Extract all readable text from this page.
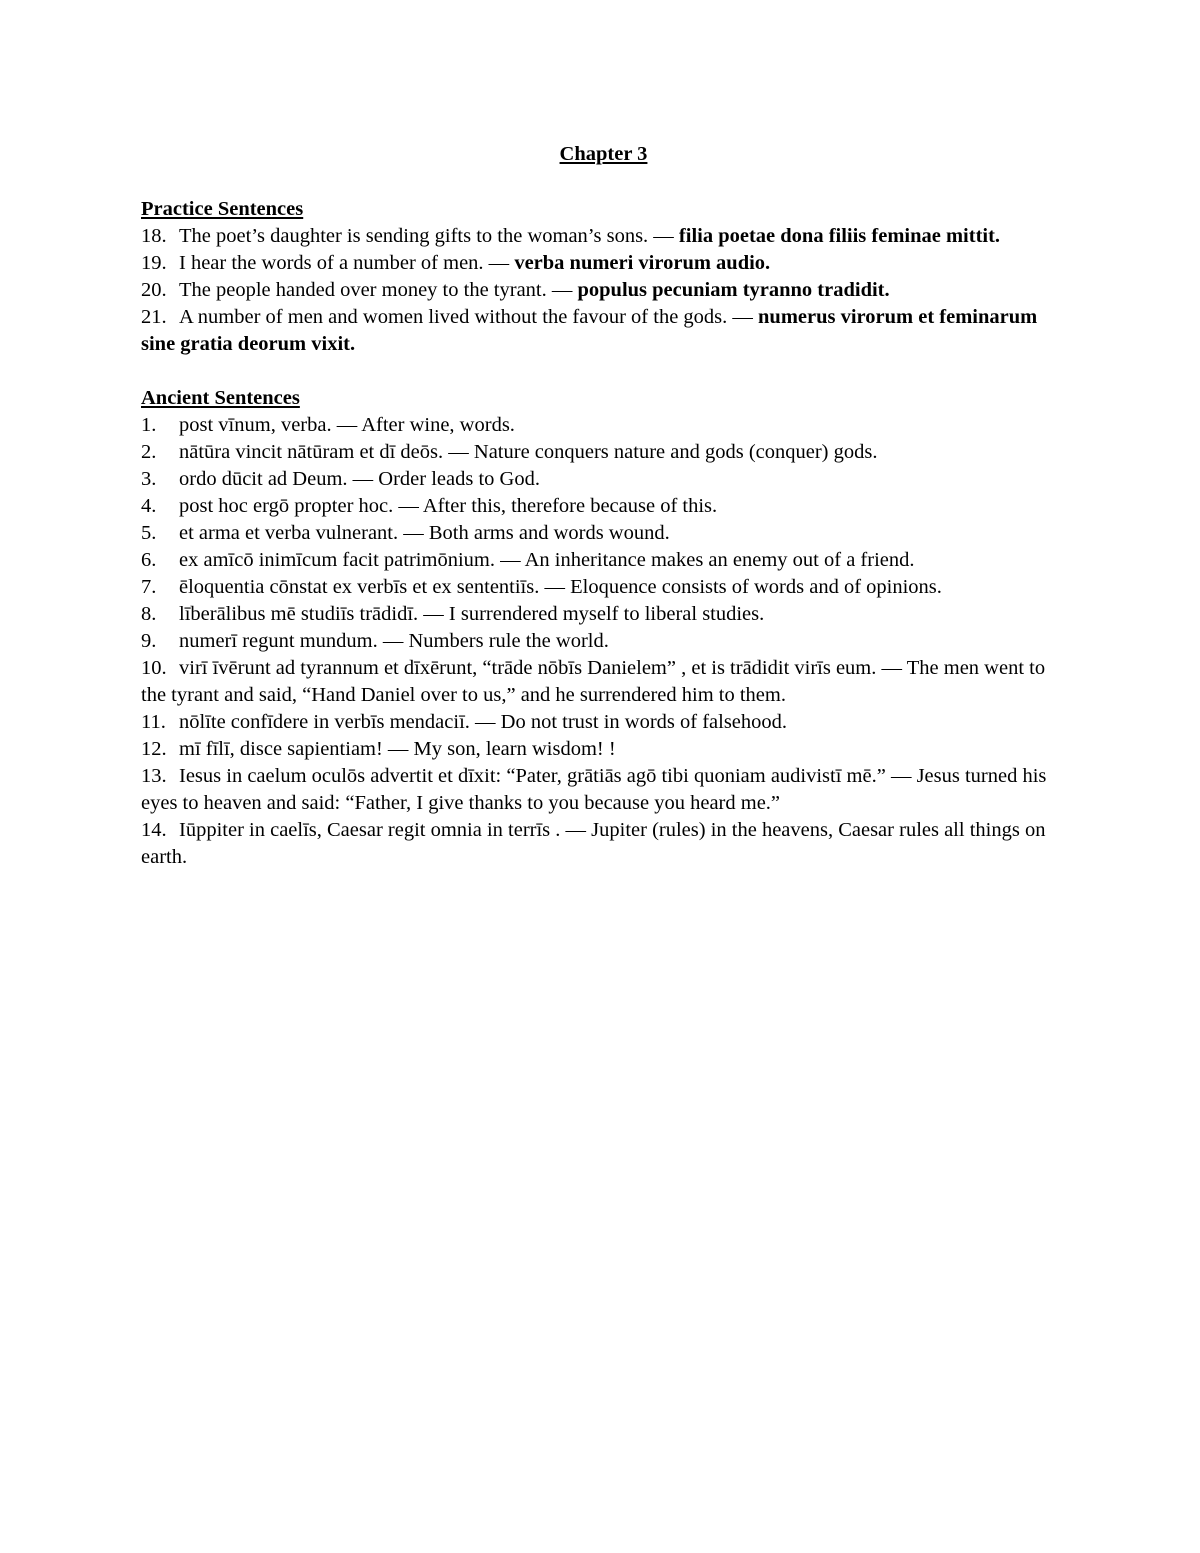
Chapter 3
Practice Sentences

18. The poet’s daughter is sending gifts to the woman’s sons. — filia poetae dona filiis feminae mittit.

19. I hear the words of a number of men. — verba numeri virorum audio.

20. The people handed over money to the tyrant. — populus pecuniam tyranno tradidit.

21. A number of men and women lived without the favour of the gods. — numerus virorum et feminarum sine gratia deorum vixit.

Ancient Sentences

1. post vīnum, verba. — After wine, words.

2. nātūra vincit nātūram et dī deōs. — Nature conquers nature and gods (conquer) gods.

3. ordo dūcit ad Deum. — Order leads to God.

4. post hoc ergō propter hoc. — After this, therefore because of this.

5. et arma et verba vulnerant. — Both arms and words wound.

6. ex amīcō inimīcum facit patrimōnium. — An inheritance makes an enemy out of a friend.

7. ēloquentia cōnstat ex verbīs et ex sententiīs. — Eloquence consists of words and of opinions.

8. līberālibus mē studiīs trādidī. — I surrendered myself to liberal studies.

9. numerī regunt mundum. — Numbers rule the world.

10. virī īvērunt ad tyrannum et dīxērunt, “trāde nōbīs Danielem” , et is trādidit virīs eum. — The men went to the tyrant and said, “Hand Daniel over to us,” and he surrendered him to them.

11. nōlīte confīdere in verbīs mendaciī. — Do not trust in words of falsehood.

12. mī fīlī, disce sapientiam! — My son, learn wisdom! !

13. Iesus in caelum oculōs advertit et dīxit: “Pater, grātiās agō tibi quoniam audivistī mē.” — Jesus turned his eyes to heaven and said: “Father, I give thanks to you because you heard me.”

14. Iūppiter in caelīs, Caesar regit omnia in terrīs . — Jupiter (rules) in the heavens, Caesar rules all things on earth.
